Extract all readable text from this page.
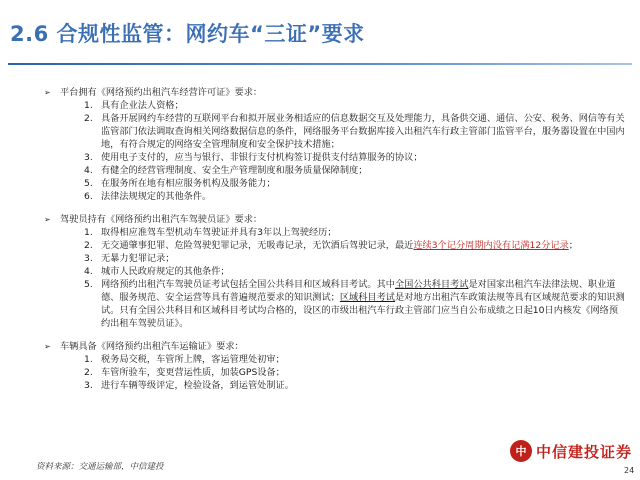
2.6 合规性监管：网约车“三证”要求
➢	平台拥有《网络预约出租汽车经营许可证》要求：
1. 具有企业法人资格；
2. 具备开展网约车经营的互联网平台和拟开展业务相适应的信息数据交互及处理能力，具备供交通、通信、公安、税务、网信等有关监管部门依法调取查询相关网络数据信息的条件，网络服务平台数据库接入出租汽车行政主管部门监管平台，服务器设置在中国内地，有符合规定的网络安全管理制度和安全保护技术措施；
3. 使用电子支付的，应当与银行、非银行支付机构签订提供支付结算服务的协议；
4. 有健全的经营管理制度、安全生产管理制度和服务质量保障制度；
5. 在服务所在地有相应服务机构及服务能力；
6. 法律法规规定的其他条件。
➢	驾驶员持有《网络预约出租汽车驾驶员证》要求：
1. 取得相应准驾车型机动车驾驶证并具有3年以上驾驶经历；
2. 无交通肇事犯罪、危险驾驶犯罪记录，无吸毒记录，无饮酒后驾驶记录，最近连续3个记分周期内没有记满12分记录；
3. 无暴力犯罪记录；
4. 城市人民政府规定的其他条件；
5. 网络预约出租汽车驾驶员证考试包括全国公共科目和区域科目考试。其中全国公共科目考试是对国家出租汽车法律法规、职业道德、服务规范、安全运营等具有普遍规范要求的知识测试；区域科目考试是对地方出租汽车政策法规等具有区域规范要求的知识测试。只有全国公共科目和区域科目考试均合格的，设区的市级出租汽车行政主管部门应当自公布成绩之日起10日内核发《网络预约出租车驾驶员证》。
➢	车辆具备《网络预约出租汽车运输证》要求：
1. 税务局交税，车管所上牌，客运管理处初审；
2. 车管所验车，变更营运性质，加装GPS设备；
3. 进行车辆等级评定，检验设备，到运管处制证。
资料来源：交通运输部，中信建投
中 中信建投证券
24
